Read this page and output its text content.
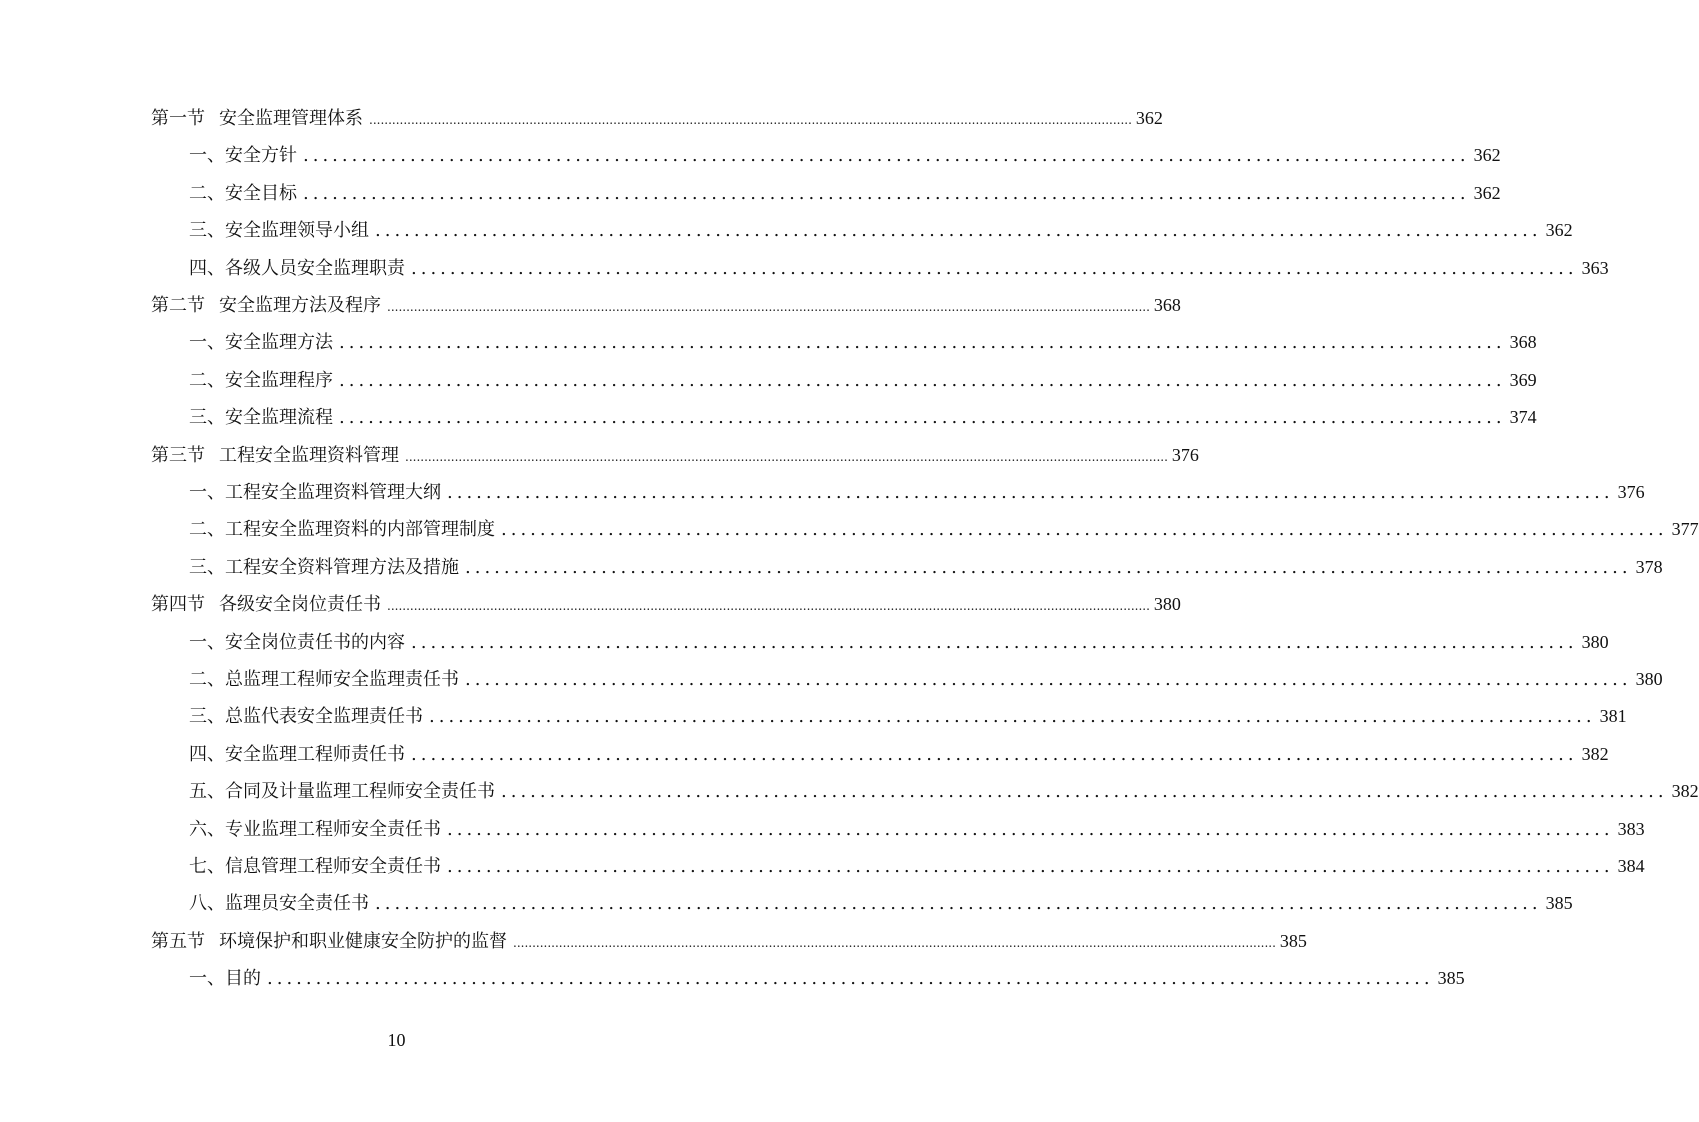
第一节 安全监理管理体系 ........................................................................................................................................................................................................ 362
一、 安全方针 ........................................................................................................................ 362
二、 安全目标 ........................................................................................................................ 362
三、 安全监理领导小组 ........................................................................................................................ 362
四、 各级人员安全监理职责 ........................................................................................................................ 363
第二节 安全监理方法及程序 ........................................................................................................................................................................................................ 368
一、 安全监理方法 ........................................................................................................................ 368
二、 安全监理程序 ........................................................................................................................ 369
三、 安全监理流程 ........................................................................................................................ 374
第三节 工程安全监理资料管理 ........................................................................................................................................................................................................ 376
一、 工程安全监理资料管理大纲 ........................................................................................................................ 376
二、 工程安全监理资料的内部管理制度 ........................................................................................................................ 377
三、 工程安全资料管理方法及措施 ........................................................................................................................ 378
第四节 各级安全岗位责任书 ........................................................................................................................................................................................................ 380
一、 安全岗位责任书的内容 ........................................................................................................................ 380
二、 总监理工程师安全监理责任书 ........................................................................................................................ 380
三、 总监代表安全监理责任书 ........................................................................................................................ 381
四、 安全监理工程师责任书 ........................................................................................................................ 382
五、 合同及计量监理工程师安全责任书 ........................................................................................................................ 382
六、 专业监理工程师安全责任书 ........................................................................................................................ 383
七、 信息管理工程师安全责任书 ........................................................................................................................ 384
八、 监理员安全责任书 ........................................................................................................................ 385
第五节 环境保护和职业健康安全防护的监督 ........................................................................................................................................................................................................ 385
一、 目的 ........................................................................................................................ 385
10
